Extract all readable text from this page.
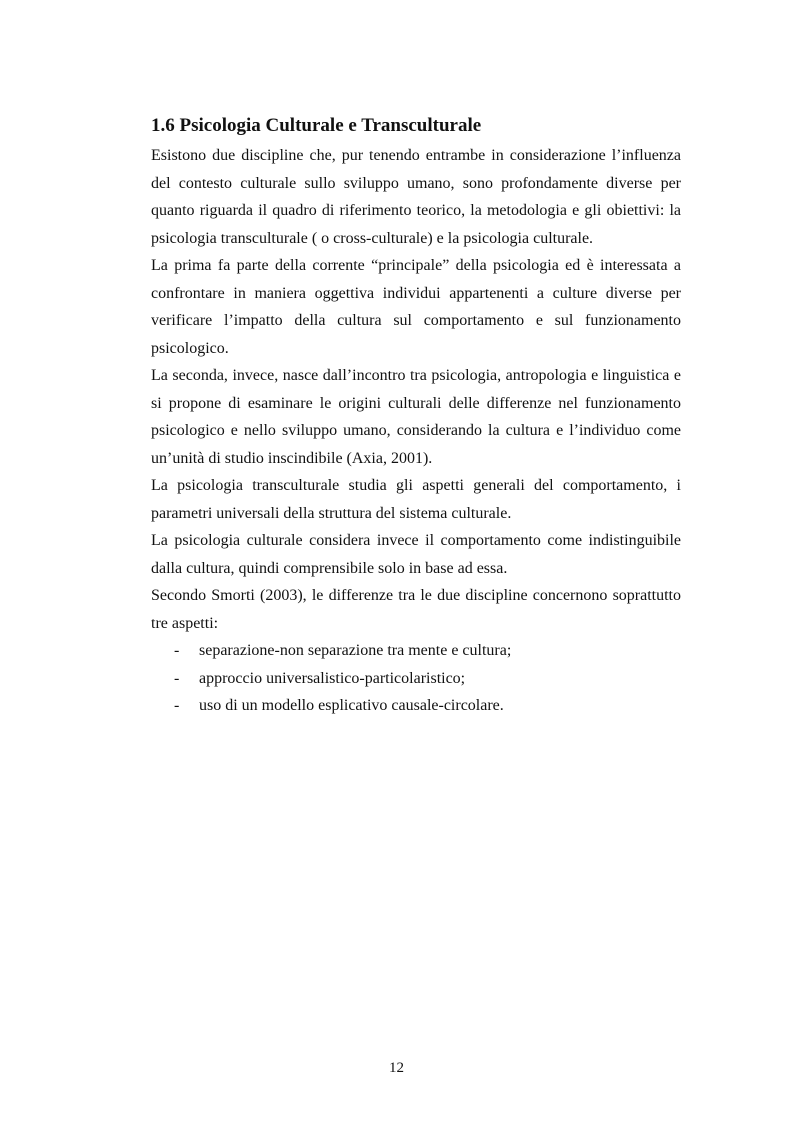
1.6 Psicologia Culturale e Transculturale

Esistono due discipline che, pur tenendo entrambe in considerazione l’influenza del contesto culturale sullo sviluppo umano, sono profondamente diverse per quanto riguarda il quadro di riferimento teorico, la metodologia e gli obiettivi: la psicologia transculturale ( o cross-culturale) e la psicologia culturale.

La prima fa parte della corrente “principale” della psicologia ed è interessata a confrontare in maniera oggettiva individui appartenenti a culture diverse per verificare l’impatto della cultura sul comportamento e sul funzionamento psicologico.

La seconda, invece, nasce dall’incontro tra psicologia, antropologia e linguistica e si propone di esaminare le origini culturali delle differenze nel funzionamento psicologico e nello sviluppo umano, considerando la cultura e l’individuo come un’unità di studio inscindibile (Axia, 2001).

La psicologia transculturale studia gli aspetti generali del comportamento, i parametri universali della struttura del sistema culturale.

La psicologia culturale considera invece il comportamento come indistinguibile dalla cultura, quindi comprensibile solo in base ad essa.

Secondo Smorti (2003), le differenze tra le due discipline concernono soprattutto tre aspetti:

- separazione-non separazione tra mente e cultura;
- approccio universalistico-particolaristico;
- uso di un modello esplicativo causale-circolare.
12
